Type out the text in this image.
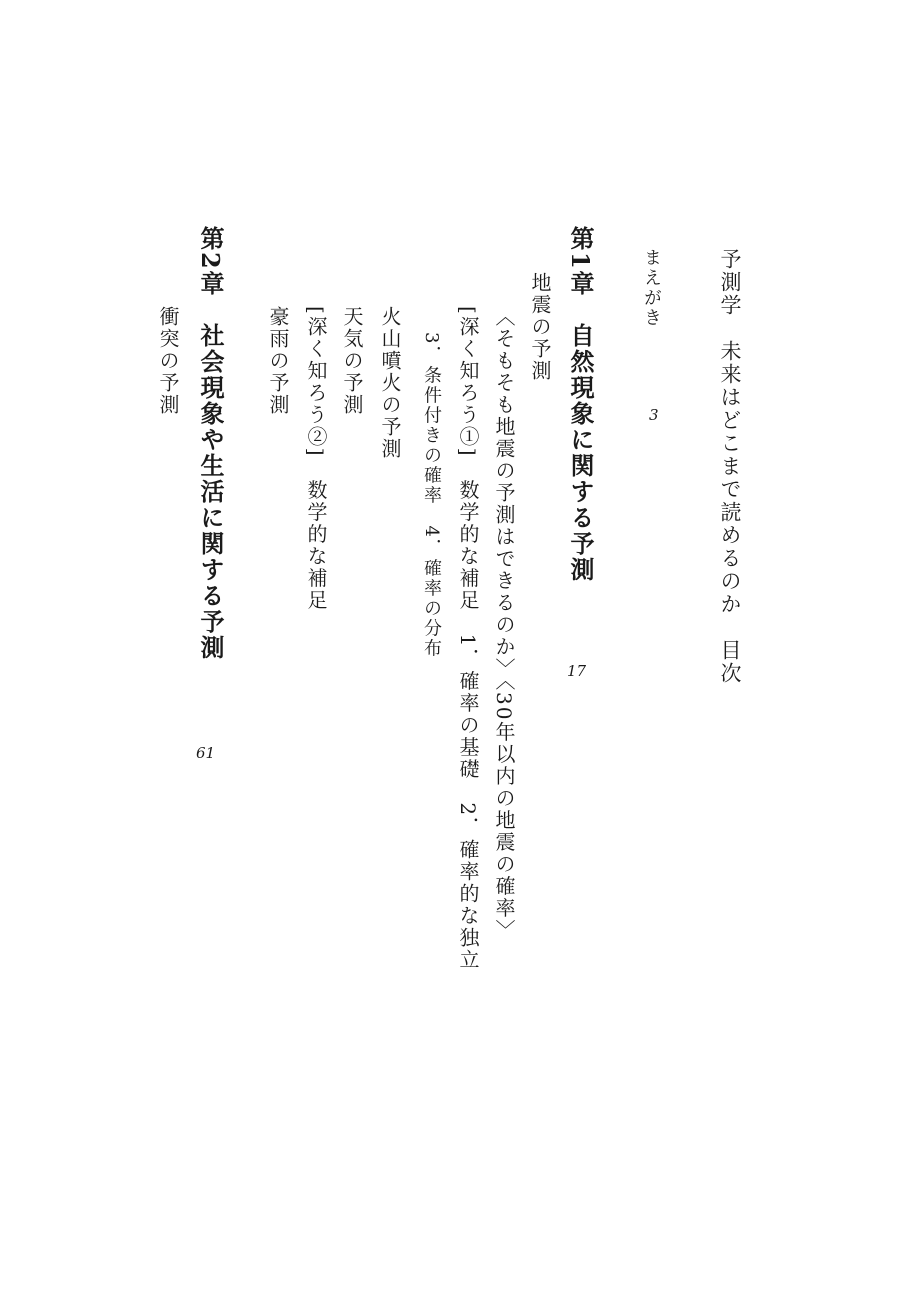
予測学　未来はどこまで読めるのか　目次
まえがき
3
第1章　自然現象に関する予測
17
地震の予測
〈そもそも地震の予測はできるのか〉〈30年以内の地震の確率〉
[深く知ろう①]　数学的な補足　1．確率の基礎　2．確率的な独立
3．条件付きの確率　4．確率の分布
火山噴火の予測
天気の予測
[深く知ろう②]　数学的な補足
豪雨の予測
第2章　社会現象や生活に関する予測
61
衝突の予測
